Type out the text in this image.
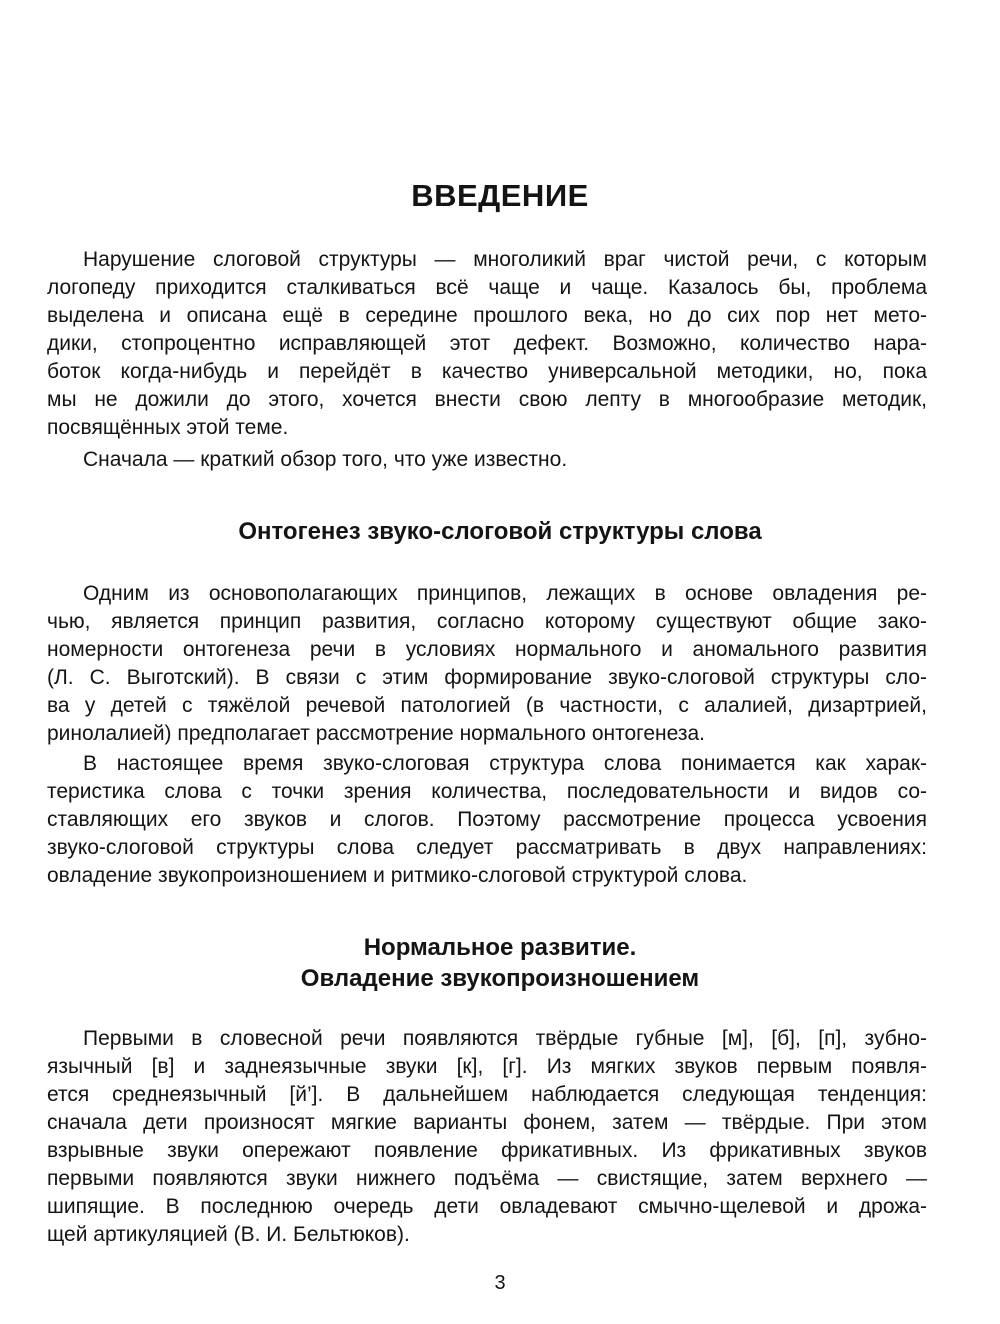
ВВЕДЕНИЕ
Нарушение слоговой структуры — многоликий враг чистой речи, с которым
логопеду приходится сталкиваться всё чаще и чаще. Казалось бы, проблема
выделена и описана ещё в середине прошлого века, но до сих пор нет мето-
дики, стопроцентно исправляющей этот дефект. Возможно, количество нара-
боток когда-нибудь и перейдёт в качество универсальной методики, но, пока
мы не дожили до этого, хочется внести свою лепту в многообразие методик,
посвящённых этой теме.
Сначала — краткий обзор того, что уже известно.
Онтогенез звуко-слоговой структуры слова
Одним из основополагающих принципов, лежащих в основе овладения ре-
чью, является принцип развития, согласно которому существуют общие зако-
номерности онтогенеза речи в условиях нормального и аномального развития
(Л. С. Выготский). В связи с этим формирование звуко-слоговой структуры сло-
ва у детей с тяжёлой речевой патологией (в частности, с алалией, дизартрией,
ринолалией) предполагает рассмотрение нормального онтогенеза.
В настоящее время звуко-слоговая структура слова понимается как харак-
теристика слова с точки зрения количества, последовательности и видов со-
ставляющих его звуков и слогов. Поэтому рассмотрение процесса усвоения
звуко-слоговой структуры слова следует рассматривать в двух направлениях:
овладение звукопроизношением и ритмико-слоговой структурой слова.
Нормальное развитие.
Овладение звукопроизношением
Первыми в словесной речи появляются твёрдые губные [м], [б], [п], зубно-
язычный [в] и заднеязычные звуки [к], [г]. Из мягких звуков первым появля-
ется среднеязычный [й’]. В дальнейшем наблюдается следующая тенденция:
сначала дети произносят мягкие варианты фонем, затем — твёрдые. При этом
взрывные звуки опережают появление фрикативных. Из фрикативных звуков
первыми появляются звуки нижнего подъёма — свистящие, затем верхнего —
шипящие. В последнюю очередь дети овладевают смычно-щелевой и дрожа-
щей артикуляцией (В. И. Бельтюков).
3
